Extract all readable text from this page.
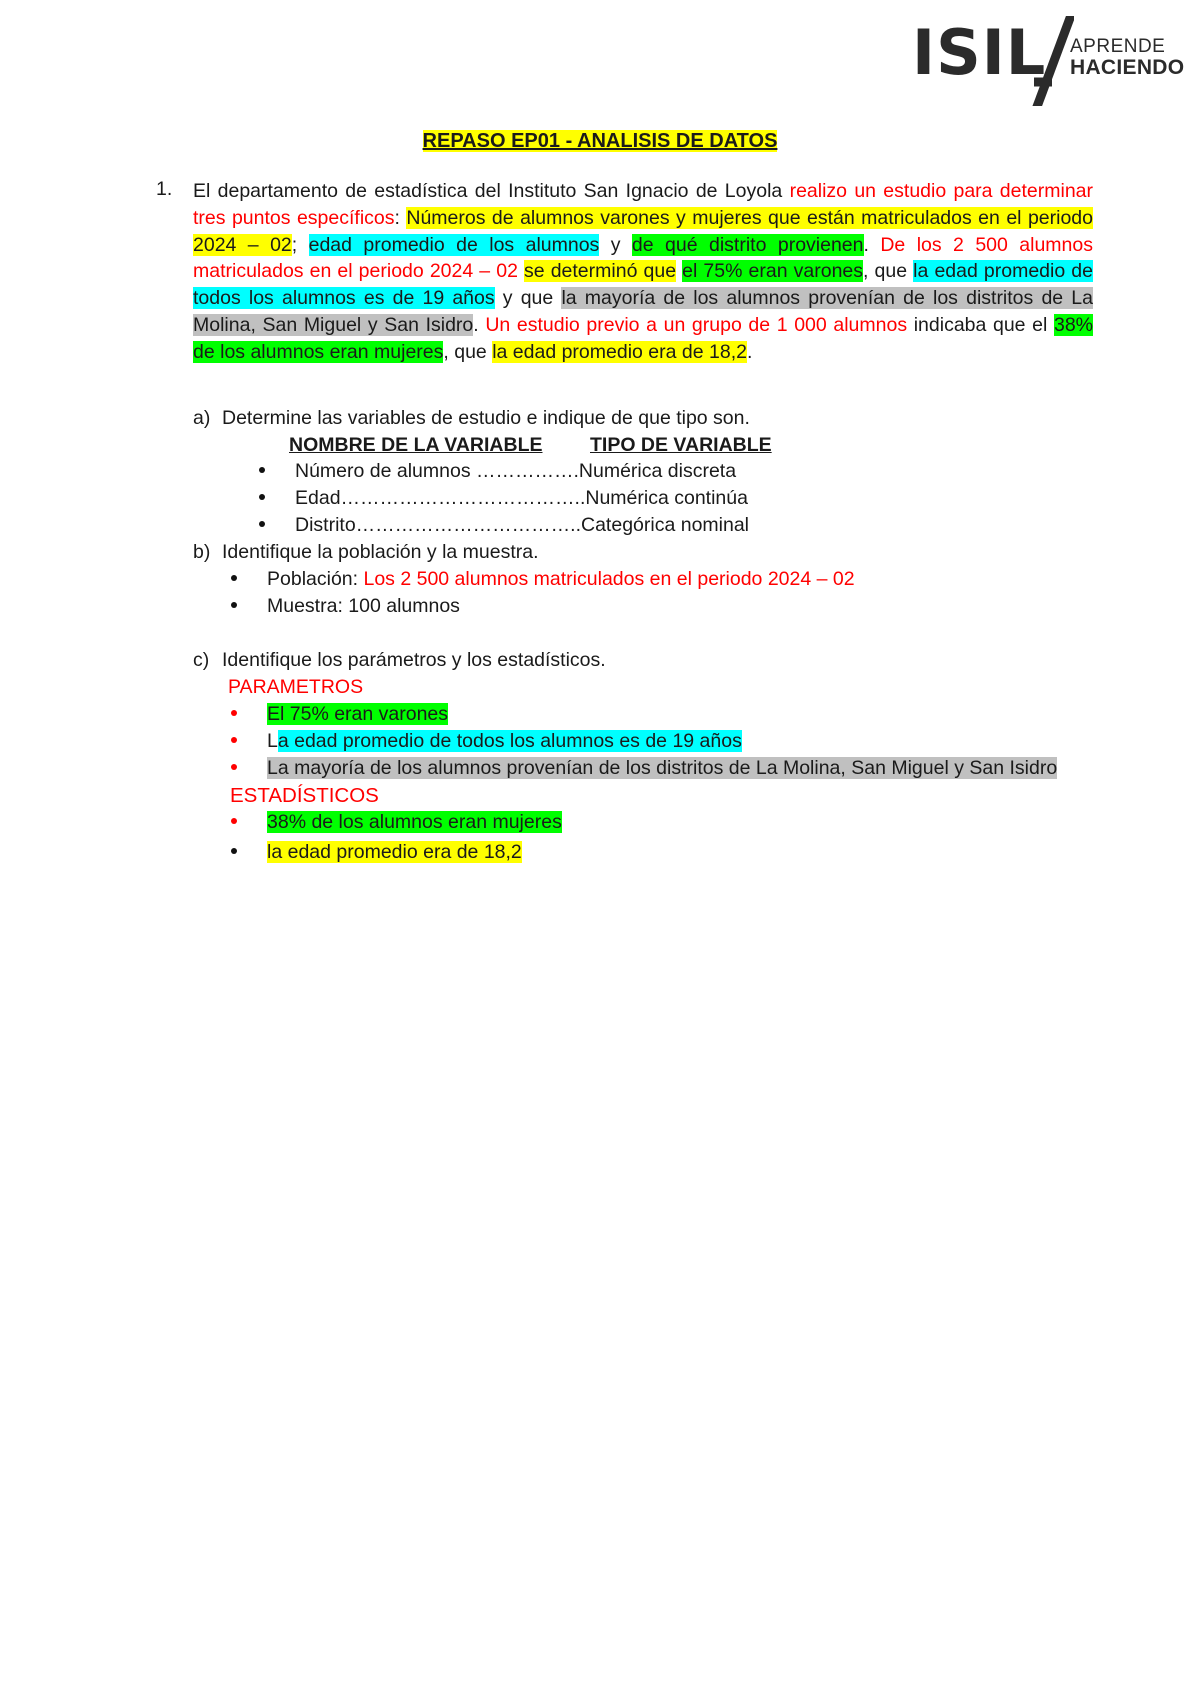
ISIL APRENDE
HACIENDO
REPASO EP01 - ANALISIS DE DATOS
1. El departamento de estadística del Instituto San Ignacio de Loyola realizo un estudio para determinar tres puntos específicos: Números de alumnos varones y mujeres que están matriculados en el periodo 2024 – 02; edad promedio de los alumnos y de qué distrito provienen. De los 2 500 alumnos matriculados en el periodo 2024 – 02 se determinó que el 75% eran varones, que la edad promedio de todos los alumnos es de 19 años y que la mayoría de los alumnos provenían de los distritos de La Molina, San Miguel y San Isidro. Un estudio previo a un grupo de 1 000 alumnos indicaba que el 38% de los alumnos eran mujeres, que la edad promedio era de 18,2.
a) Determine las variables de estudio e indique de que tipo son.
NOMBRE DE LA VARIABLE TIPO DE VARIABLE
Número de alumnos …………….Numérica discreta
Edad………………………………..Numérica continúa
Distrito……………………………..Categórica nominal
b) Identifique la población y la muestra.
Población: Los 2 500 alumnos matriculados en el periodo 2024 – 02
Muestra: 100 alumnos
c) Identifique los parámetros y los estadísticos.
PARAMETROS
El 75% eran varones
La edad promedio de todos los alumnos es de 19 años
La mayoría de los alumnos provenían de los distritos de La Molina, San Miguel y San Isidro
ESTADÍSTICOS
38% de los alumnos eran mujeres
la edad promedio era de 18,2
